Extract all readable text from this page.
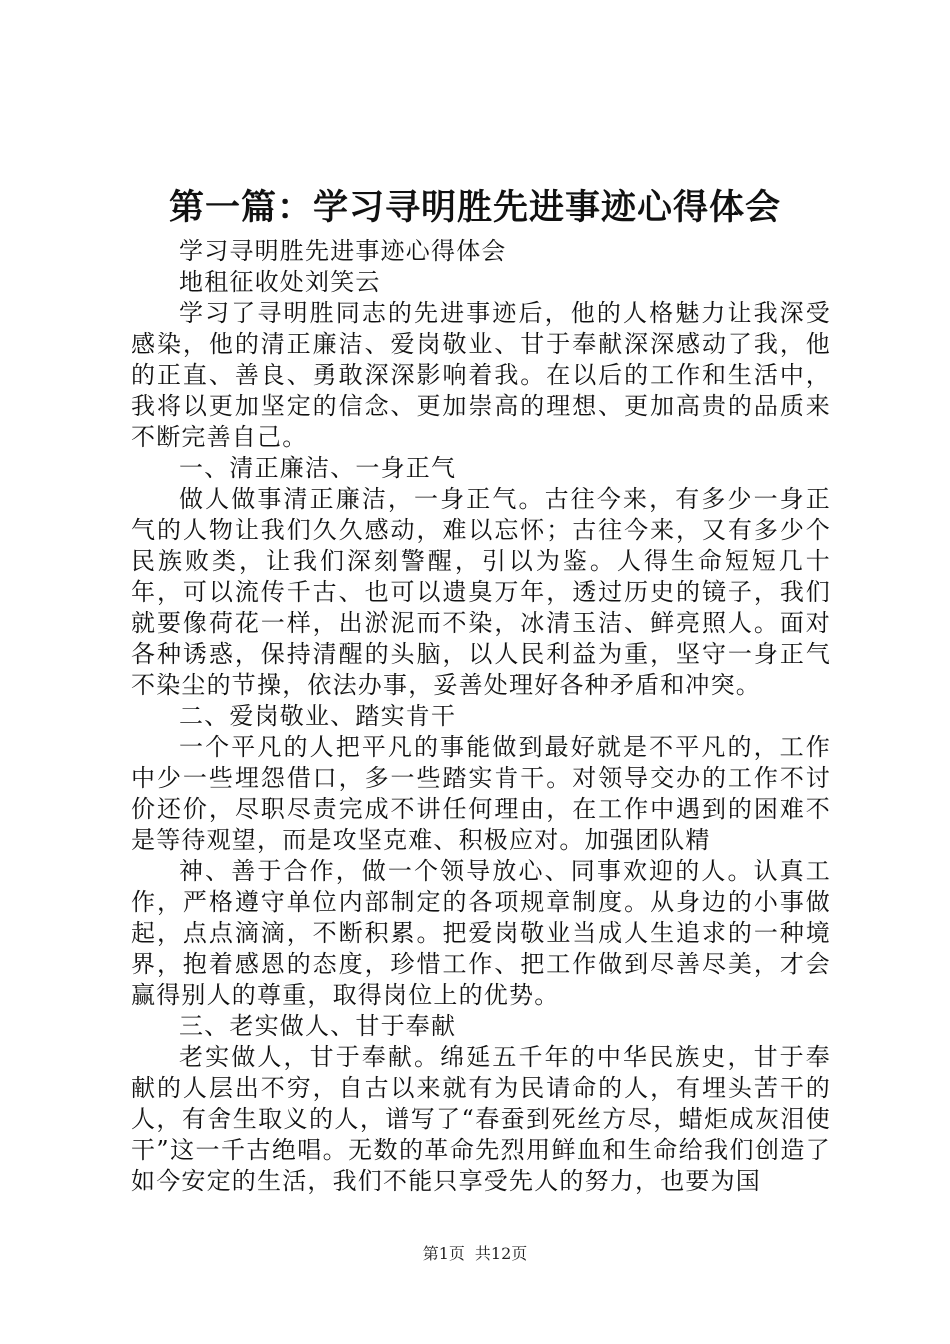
第一篇：学习寻明胜先进事迹心得体会

学习寻明胜先进事迹心得体会

地租征收处刘笑云

学习了寻明胜同志的先进事迹后，他的人格魅力让我深受感染，他的清正廉洁、爱岗敬业、甘于奉献深深感动了我，他的正直、善良、勇敢深深影响着我。在以后的工作和生活中，我将以更加坚定的信念、更加崇高的理想、更加高贵的品质来不断完善自己。

一、清正廉洁、一身正气

做人做事清正廉洁，一身正气。古往今来，有多少一身正气的人物让我们久久感动，难以忘怀；古往今来，又有多少个民族败类，让我们深刻警醒，引以为鉴。人得生命短短几十年，可以流传千古、也可以遗臭万年，透过历史的镜子，我们就要像荷花一样，出淤泥而不染，冰清玉洁、鲜亮照人。面对各种诱惑，保持清醒的头脑，以人民利益为重，坚守一身正气不染尘的节操，依法办事，妥善处理好各种矛盾和冲突。

二、爱岗敬业、踏实肯干

一个平凡的人把平凡的事能做到最好就是不平凡的，工作中少一些埋怨借口，多一些踏实肯干。对领导交办的工作不讨价还价，尽职尽责完成不讲任何理由，在工作中遇到的困难不是等待观望，而是攻坚克难、积极应对。加强团队精

神、善于合作，做一个领导放心、同事欢迎的人。认真工作，严格遵守单位内部制定的各项规章制度。从身边的小事做起，点点滴滴，不断积累。把爱岗敬业当成人生追求的一种境界，抱着感恩的态度，珍惜工作、把工作做到尽善尽美，才会赢得别人的尊重，取得岗位上的优势。

三、老实做人、甘于奉献

老实做人，甘于奉献。绵延五千年的中华民族史，甘于奉献的人层出不穷，自古以来就有为民请命的人，有埋头苦干的人，有舍生取义的人，谱写了“春蚕到死丝方尽，蜡炬成灰泪使干”这一千古绝唱。无数的革命先烈用鲜血和生命给我们创造了如今安定的生活，我们不能只享受先人的努力，也要为国

第1页 共12页
